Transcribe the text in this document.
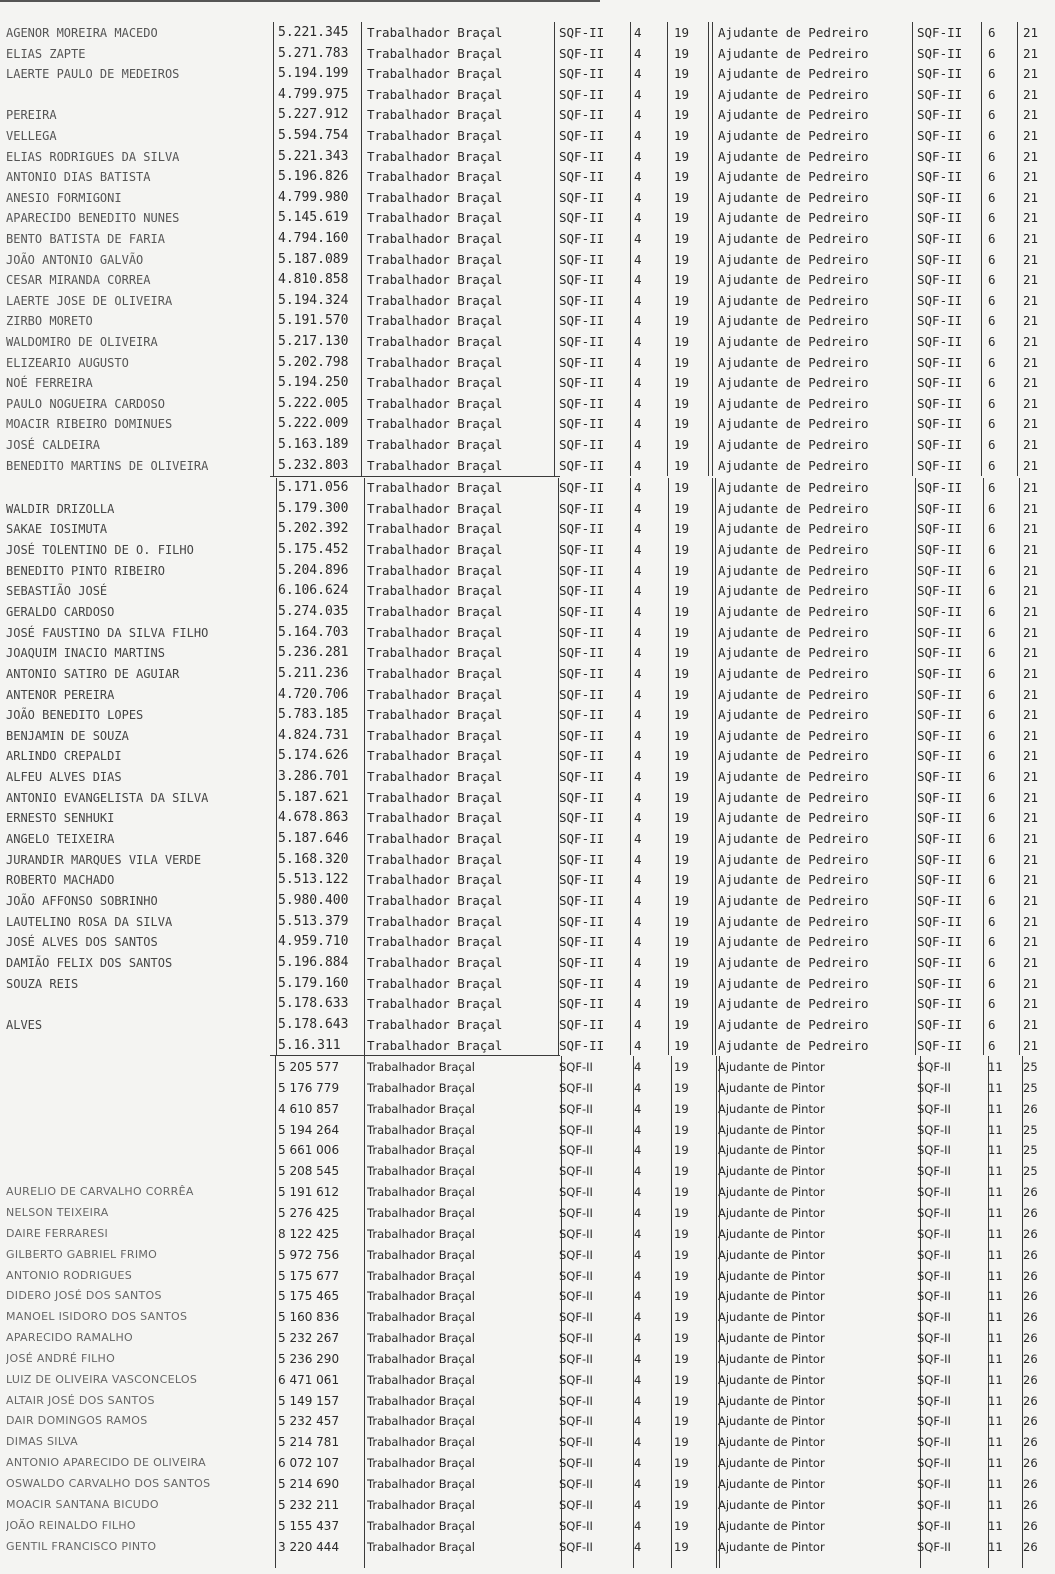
AGENOR MOREIRA MACEDO	5.221.345	Trabalhador Braçal	SQF-II	4	19	Ajudante de Pedreiro	SQF-II	6	21
ELIAS ZAPTE	5.271.783	Trabalhador Braçal	SQF-II	4	19	Ajudante de Pedreiro	SQF-II	6	21
LAERTE PAULO DE MEDEIROS	5.194.199	Trabalhador Braçal	SQF-II	4	19	Ajudante de Pedreiro	SQF-II	6	21
4.799.975	Trabalhador Braçal	SQF-II	4	19	Ajudante de Pedreiro	SQF-II	6	21
PEREIRA	5.227.912	Trabalhador Braçal	SQF-II	4	19	Ajudante de Pedreiro	SQF-II	6	21
VELLEGA	5.594.754	Trabalhador Braçal	SQF-II	4	19	Ajudante de Pedreiro	SQF-II	6	21
ELIAS RODRIGUES DA SILVA	5.221.343	Trabalhador Braçal	SQF-II	4	19	Ajudante de Pedreiro	SQF-II	6	21
ANTONIO DIAS BATISTA	5.196.826	Trabalhador Braçal	SQF-II	4	19	Ajudante de Pedreiro	SQF-II	6	21
ANESIO FORMIGONI	4.799.980	Trabalhador Braçal	SQF-II	4	19	Ajudante de Pedreiro	SQF-II	6	21
APARECIDO BENEDITO NUNES	5.145.619	Trabalhador Braçal	SQF-II	4	19	Ajudante de Pedreiro	SQF-II	6	21
BENTO BATISTA DE FARIA	4.794.160	Trabalhador Braçal	SQF-II	4	19	Ajudante de Pedreiro	SQF-II	6	21
JOÃO ANTONIO GALVÃO	5.187.089	Trabalhador Braçal	SQF-II	4	19	Ajudante de Pedreiro	SQF-II	6	21
CESAR MIRANDA CORREA	4.810.858	Trabalhador Braçal	SQF-II	4	19	Ajudante de Pedreiro	SQF-II	6	21
LAERTE JOSE DE OLIVEIRA	5.194.324	Trabalhador Braçal	SQF-II	4	19	Ajudante de Pedreiro	SQF-II	6	21
ZIRBO MORETO	5.191.570	Trabalhador Braçal	SQF-II	4	19	Ajudante de Pedreiro	SQF-II	6	21
WALDOMIRO DE OLIVEIRA	5.217.130	Trabalhador Braçal	SQF-II	4	19	Ajudante de Pedreiro	SQF-II	6	21
ELIZEARIO AUGUSTO	5.202.798	Trabalhador Braçal	SQF-II	4	19	Ajudante de Pedreiro	SQF-II	6	21
NOÉ FERREIRA	5.194.250	Trabalhador Braçal	SQF-II	4	19	Ajudante de Pedreiro	SQF-II	6	21
PAULO NOGUEIRA CARDOSO	5.222.005	Trabalhador Braçal	SQF-II	4	19	Ajudante de Pedreiro	SQF-II	6	21
MOACIR RIBEIRO DOMINUES	5.222.009	Trabalhador Braçal	SQF-II	4	19	Ajudante de Pedreiro	SQF-II	6	21
JOSÉ CALDEIRA	5.163.189	Trabalhador Braçal	SQF-II	4	19	Ajudante de Pedreiro	SQF-II	6	21
BENEDITO MARTINS DE OLIVEIRA	5.232.803	Trabalhador Braçal	SQF-II	4	19	Ajudante de Pedreiro	SQF-II	6	21
5.171.056	Trabalhador Braçal	SQF-II	4	19	Ajudante de Pedreiro	SQF-II	6	21
WALDIR DRIZOLLA	5.179.300	Trabalhador Braçal	SQF-II	4	19	Ajudante de Pedreiro	SQF-II	6	21
SAKAE IOSIMUTA	5.202.392	Trabalhador Braçal	SQF-II	4	19	Ajudante de Pedreiro	SQF-II	6	21
JOSÉ TOLENTINO DE O. FILHO	5.175.452	Trabalhador Braçal	SQF-II	4	19	Ajudante de Pedreiro	SQF-II	6	21
BENEDITO PINTO RIBEIRO	5.204.896	Trabalhador Braçal	SQF-II	4	19	Ajudante de Pedreiro	SQF-II	6	21
SEBASTIÃO JOSÉ	6.106.624	Trabalhador Braçal	SQF-II	4	19	Ajudante de Pedreiro	SQF-II	6	21
GERALDO CARDOSO	5.274.035	Trabalhador Braçal	SQF-II	4	19	Ajudante de Pedreiro	SQF-II	6	21
JOSÉ FAUSTINO DA SILVA FILHO	5.164.703	Trabalhador Braçal	SQF-II	4	19	Ajudante de Pedreiro	SQF-II	6	21
JOAQUIM INACIO MARTINS	5.236.281	Trabalhador Braçal	SQF-II	4	19	Ajudante de Pedreiro	SQF-II	6	21
ANTONIO SATIRO DE AGUIAR	5.211.236	Trabalhador Braçal	SQF-II	4	19	Ajudante de Pedreiro	SQF-II	6	21
ANTENOR PEREIRA	4.720.706	Trabalhador Braçal	SQF-II	4	19	Ajudante de Pedreiro	SQF-II	6	21
JOÃO BENEDITO LOPES	5.783.185	Trabalhador Braçal	SQF-II	4	19	Ajudante de Pedreiro	SQF-II	6	21
BENJAMIN DE SOUZA	4.824.731	Trabalhador Braçal	SQF-II	4	19	Ajudante de Pedreiro	SQF-II	6	21
ARLINDO CREPALDI	5.174.626	Trabalhador Braçal	SQF-II	4	19	Ajudante de Pedreiro	SQF-II	6	21
ALFEU ALVES DIAS	3.286.701	Trabalhador Braçal	SQF-II	4	19	Ajudante de Pedreiro	SQF-II	6	21
ANTONIO EVANGELISTA DA SILVA	5.187.621	Trabalhador Braçal	SQF-II	4	19	Ajudante de Pedreiro	SQF-II	6	21
ERNESTO SENHUKI	4.678.863	Trabalhador Braçal	SQF-II	4	19	Ajudante de Pedreiro	SQF-II	6	21
ANGELO TEIXEIRA	5.187.646	Trabalhador Braçal	SQF-II	4	19	Ajudante de Pedreiro	SQF-II	6	21
JURANDIR MARQUES VILA VERDE	5.168.320	Trabalhador Braçal	SQF-II	4	19	Ajudante de Pedreiro	SQF-II	6	21
ROBERTO MACHADO	5.513.122	Trabalhador Braçal	SQF-II	4	19	Ajudante de Pedreiro	SQF-II	6	21
JOÃO AFFONSO SOBRINHO	5.980.400	Trabalhador Braçal	SQF-II	4	19	Ajudante de Pedreiro	SQF-II	6	21
LAUTELINO ROSA DA SILVA	5.513.379	Trabalhador Braçal	SQF-II	4	19	Ajudante de Pedreiro	SQF-II	6	21
JOSÉ ALVES DOS SANTOS	4.959.710	Trabalhador Braçal	SQF-II	4	19	Ajudante de Pedreiro	SQF-II	6	21
DAMIÃO FELIX DOS SANTOS	5.196.884	Trabalhador Braçal	SQF-II	4	19	Ajudante de Pedreiro	SQF-II	6	21
SOUZA REIS	5.179.160	Trabalhador Braçal	SQF-II	4	19	Ajudante de Pedreiro	SQF-II	6	21
5.178.633	Trabalhador Braçal	SQF-II	4	19	Ajudante de Pedreiro	SQF-II	6	21
ALVES	5.178.643	Trabalhador Braçal	SQF-II	4	19	Ajudante de Pedreiro	SQF-II	6	21
5.16.311	Trabalhador Braçal	SQF-II	4	19	Ajudante de Pedreiro	SQF-II	6	21
5 205 577	Trabalhador Braçal	SQF-II	4	19	Ajudante de Pintor	SQF-II	11	25
5 176 779	Trabalhador Braçal	SQF-II	4	19	Ajudante de Pintor	SQF-II	11	25
4 610 857	Trabalhador Braçal	SQF-II	4	19	Ajudante de Pintor	SQF-II	11	26
5 194 264	Trabalhador Braçal	SQF-II	4	19	Ajudante de Pintor	SQF-II	11	25
5 661 006	Trabalhador Braçal	SQF-II	4	19	Ajudante de Pintor	SQF-II	11	25
5 208 545	Trabalhador Braçal	SQF-II	4	19	Ajudante de Pintor	SQF-II	11	25
AURELIO DE CARVALHO CORRÊA	5 191 612	Trabalhador Braçal	SQF-II	4	19	Ajudante de Pintor	SQF-II	11	26
NELSON TEIXEIRA	5 276 425	Trabalhador Braçal	SQF-II	4	19	Ajudante de Pintor	SQF-II	11	26
DAIRE FERRARESI	8 122 425	Trabalhador Braçal	SQF-II	4	19	Ajudante de Pintor	SQF-II	11	26
GILBERTO GABRIEL FRIMO	5 972 756	Trabalhador Braçal	SQF-II	4	19	Ajudante de Pintor	SQF-II	11	26
ANTONIO RODRIGUES	5 175 677	Trabalhador Braçal	SQF-II	4	19	Ajudante de Pintor	SQF-II	11	26
DIDERO JOSÉ DOS SANTOS	5 175 465	Trabalhador Braçal	SQF-II	4	19	Ajudante de Pintor	SQF-II	11	26
MANOEL ISIDORO DOS SANTOS	5 160 836	Trabalhador Braçal	SQF-II	4	19	Ajudante de Pintor	SQF-II	11	26
APARECIDO RAMALHO	5 232 267	Trabalhador Braçal	SQF-II	4	19	Ajudante de Pintor	SQF-II	11	26
JOSÉ ANDRÉ FILHO	5 236 290	Trabalhador Braçal	SQF-II	4	19	Ajudante de Pintor	SQF-II	11	26
LUIZ DE OLIVEIRA VASCONCELOS	6 471 061	Trabalhador Braçal	SQF-II	4	19	Ajudante de Pintor	SQF-II	11	26
ALTAIR JOSÉ DOS SANTOS	5 149 157	Trabalhador Braçal	SQF-II	4	19	Ajudante de Pintor	SQF-II	11	26
DAIR DOMINGOS RAMOS	5 232 457	Trabalhador Braçal	SQF-II	4	19	Ajudante de Pintor	SQF-II	11	26
DIMAS SILVA	5 214 781	Trabalhador Braçal	SQF-II	4	19	Ajudante de Pintor	SQF-II	11	26
ANTONIO APARECIDO DE OLIVEIRA	6 072 107	Trabalhador Braçal	SQF-II	4	19	Ajudante de Pintor	SQF-II	11	26
OSWALDO CARVALHO DOS SANTOS	5 214 690	Trabalhador Braçal	SQF-II	4	19	Ajudante de Pintor	SQF-II	11	26
MOACIR SANTANA BICUDO	5 232 211	Trabalhador Braçal	SQF-II	4	19	Ajudante de Pintor	SQF-II	11	26
JOÃO REINALDO FILHO	5 155 437	Trabalhador Braçal	SQF-II	4	19	Ajudante de Pintor	SQF-II	11	26
GENTIL FRANCISCO PINTO	3 220 444	Trabalhador Braçal	SQF-II	4	19	Ajudante de Pintor	SQF-II	11	26
